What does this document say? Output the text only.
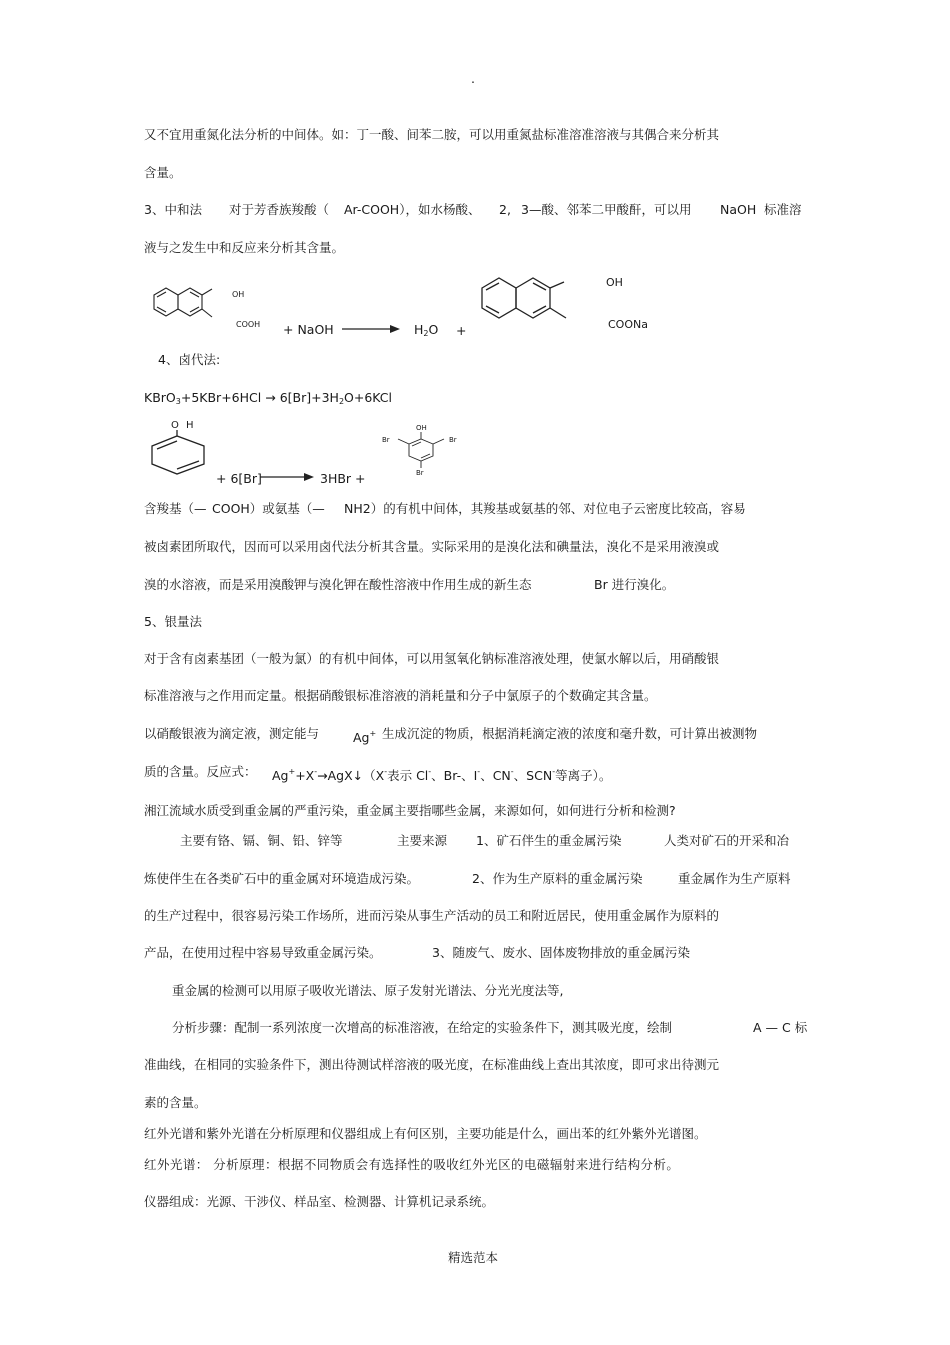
.
又不宜用重氮化法分析的中间体。如：丁一酸、间苯二胺，可以用重氮盐标准溶准溶液与其偶合来分析其
含量。
3、中和法 对于芳香族羧酸（ Ar-COOH），如水杨酸、 2, 3—酸、邻苯二甲酸酐，可以用 NaOH 标准溶
液与之发生中和反应来分析其含量。
OH
COOH + NaOH	$H_2O$ +
OH
COONa
4、卤代法:
KBrO$_3$+5KBr+6HCl → $6[Br]+3H_2O+6KCl$
O H
+ 6[Br]	3HBr +
OH
Br	Br
Br
含羧基（— COOH）或氨基（— NH2）的有机中间体，其羧基或氨基的邻、对位电子云密度比较高，容易
被卤素团所取代，因而可以采用卤代法分析其含量。实际采用的是溴化法和碘量法，溴化不是采用液溴或
溴的水溶液，而是采用溴酸钾与溴化钾在酸性溶液中作用生成的新生态	Br 进行溴化。
5、银量法
对于含有卤素基团（一般为氯）的有机中间体，可以用氢氧化钠标准溶液处理，使氯水解以后，用硝酸银
标准溶液与之作用而定量。根据硝酸银标准溶液的消耗量和分子中氯原子的个数确定其含量。
以硝酸银液为滴定液，测定能与	Ag+ 生成沉淀的物质，根据消耗滴定液的浓度和毫升数，可计算出被测物
质的含量。反应式： Ag++X-→AgX↓（X-表示 Cl-、Br-、I-、CN-、SCN-等离子）。
湘江流域水质受到重金属的严重污染，重金属主要指哪些金属，来源如何，如何进行分析和检测?
主要有铬、镉、铜、铅、锌等	主要来源 1、矿石伴生的重金属污染	人类对矿石的开采和冶
炼使伴生在各类矿石中的重金属对环境造成污染。	2、作为生产原料的重金属污染	重金属作为生产原料
的生产过程中，很容易污染工作场所，进而污染从事生产活动的员工和附近居民，使用重金属作为原料的
产品，在使用过程中容易导致重金属污染。	3、随废气、废水、固体废物排放的重金属污染
重金属的检测可以用原子吸收光谱法、原子发射光谱法、分光光度法等,
分析步骤：配制一系列浓度一次增高的标准溶液，在给定的实验条件下，测其吸光度，绘制	A — C 标
准曲线，在相同的实验条件下，测出待测试样溶液的吸光度，在标准曲线上查出其浓度，即可求出待测元
素的含量。
红外光谱和紫外光谱在分析原理和仪器组成上有何区别，主要功能是什么，画出苯的红外紫外光谱图。
红外光谱： 分析原理：根据不同物质会有选择性的吸收红外光区的电磁辐射来进行结构分析。
仪器组成：光源、干涉仪、样品室、检测器、计算机记录系统。
精选范本
